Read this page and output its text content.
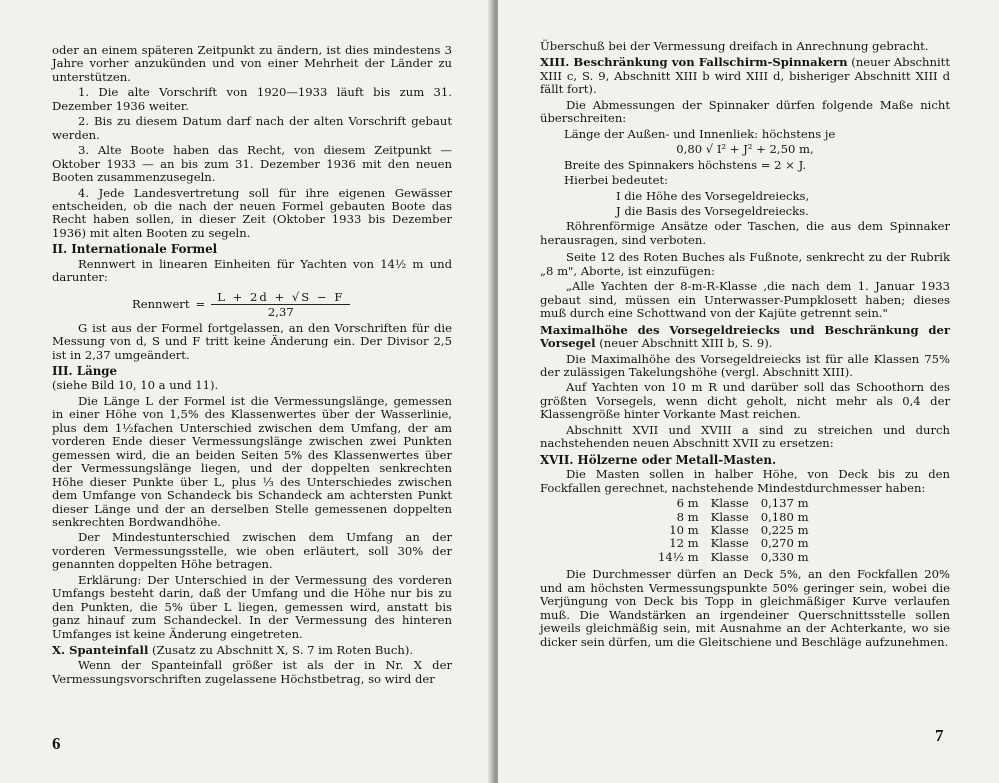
oder an einem späteren Zeitpunkt zu ändern, ist dies mindestens 3 Jahre vorher anzukünden und von einer Mehrheit der Länder zu unterstützen.

1. Die alte Vorschrift von 1920—1933 läuft bis zum 31. Dezember 1936 weiter.

2. Bis zu diesem Datum darf nach der alten Vorschrift gebaut werden.

3. Alte Boote haben das Recht, von diesem Zeitpunkt — Oktober 1933 — an bis zum 31. Dezember 1936 mit den neuen Booten zusammenzusegeln.

4. Jede Landesvertretung soll für ihre eigenen Gewässer entscheiden, ob die nach der neuen Formel gebauten Boote das Recht haben sollen, in dieser Zeit (Oktober 1933 bis Dezember 1936) mit alten Booten zu segeln.

II. Internationale Formel

Rennwert in linearen Einheiten für Yachten von 14½ m und darunter:

Rennwert = $\frac{L + 2d + √S - F}{2,37}$

G ist aus der Formel fortgelassen, an den Vorschriften für die Messung von d, S und F tritt keine Änderung ein. Der Divisor 2,5 ist in 2,37 umgeändert.

III. Länge

(siehe Bild 10, 10 a und 11).

Die Länge L der Formel ist die Vermessungslänge, gemessen in einer Höhe von 1,5% des Klassenwertes über der Wasserlinie, plus dem 1½fachen Unterschied zwischen dem Umfang, der am vorderen Ende dieser Vermessungslänge zwischen zwei Punkten gemessen wird, die an beiden Seiten 5% des Klassenwertes über der Vermessungslänge liegen, und der doppelten senkrechten Höhe dieser Punkte über L, plus ⅓ des Unterschiedes zwischen dem Umfange von Schandeck bis Schandeck am achtersten Punkt dieser Länge und der an derselben Stelle gemessenen doppelten senkrechten Bordwandhöhe.

Der Mindestunterschied zwischen dem Umfang an der vorderen Vermessungsstelle, wie oben erläutert, soll 30% der genannten doppelten Höhe betragen.

Erklärung: Der Unterschied in der Vermessung des vorderen Umfangs besteht darin, daß der Umfang und die Höhe nur bis zu den Punkten, die 5% über L liegen, gemessen wird, anstatt bis ganz hinauf zum Schandeckel. In der Vermessung des hinteren Umfanges ist keine Änderung eingetreten.

X. Spanteinfall (Zusatz zu Abschnitt X, S. 7 im Roten Buch).

Wenn der Spanteinfall größer ist als der in Nr. X der Vermessungsvorschriften zugelassene Höchstbetrag, so wird der

6

Überschuß bei der Vermessung dreifach in Anrechnung gebracht.

XIII. Beschränkung von Fallschirm-Spinnakern (neuer Abschnitt XIII c, S. 9, Abschnitt XIII b wird XIII d, bisheriger Abschnitt XIII d fällt fort).

Die Abmessungen der Spinnaker dürfen folgende Maße nicht überschreiten:

Länge der Außen- und Innenliek: höchstens je

0,80 √ I² + J² + 2,50 m,

Breite des Spinnakers höchstens = 2 × J.

Hierbei bedeutet:

I die Höhe des Vorsegeldreiecks,

J die Basis des Vorsegeldreiecks.

Röhrenförmige Ansätze oder Taschen, die aus dem Spinnaker herausragen, sind verboten.

Seite 12 des Roten Buches als Fußnote, senkrecht zu der Rubrik „8 m", Aborte, ist einzufügen:

„Alle Yachten der 8-m-R-Klasse ,die nach dem 1. Januar 1933 gebaut sind, müssen ein Unterwasser-Pumpklosett haben; dieses muß durch eine Schottwand von der Kajüte getrennt sein."

Maximalhöhe des Vorsegeldreiecks und Beschränkung der Vorsegel (neuer Abschnitt XIII b, S. 9).

Die Maximalhöhe des Vorsegeldreiecks ist für alle Klassen 75% der zulässigen Takelungshöhe (vergl. Abschnitt XIII).

Auf Yachten von 10 m R und darüber soll das Schoothorn des größten Vorsegels, wenn dicht geholt, nicht mehr als 0,4 der Klassengröße hinter Vorkante Mast reichen.

Abschnitt XVII und XVIII a sind zu streichen und durch nachstehenden neuen Abschnitt XVII zu ersetzen:

XVII. Hölzerne oder Metall-Masten.

Die Masten sollen in halber Höhe, von Deck bis zu den Fockfallen gerechnet, nachstehende Mindestdurchmesser haben:

6 m	Klasse	0,137 m
8 m	Klasse	0,180 m
10 m	Klasse	0,225 m
12 m	Klasse	0,270 m
14½ m	Klasse	0,330 m

Die Durchmesser dürfen an Deck 5%, an den Fockfallen 20% und am höchsten Vermessungspunkte 50% geringer sein, wobei die Verjüngung von Deck bis Topp in gleichmäßiger Kurve verlaufen muß. Die Wandstärken an irgendeiner Querschnittsstelle sollen jeweils gleichmäßig sein, mit Ausnahme an der Achterkante, wo sie dicker sein dürfen, um die Gleitschiene und Beschläge aufzunehmen.

7
